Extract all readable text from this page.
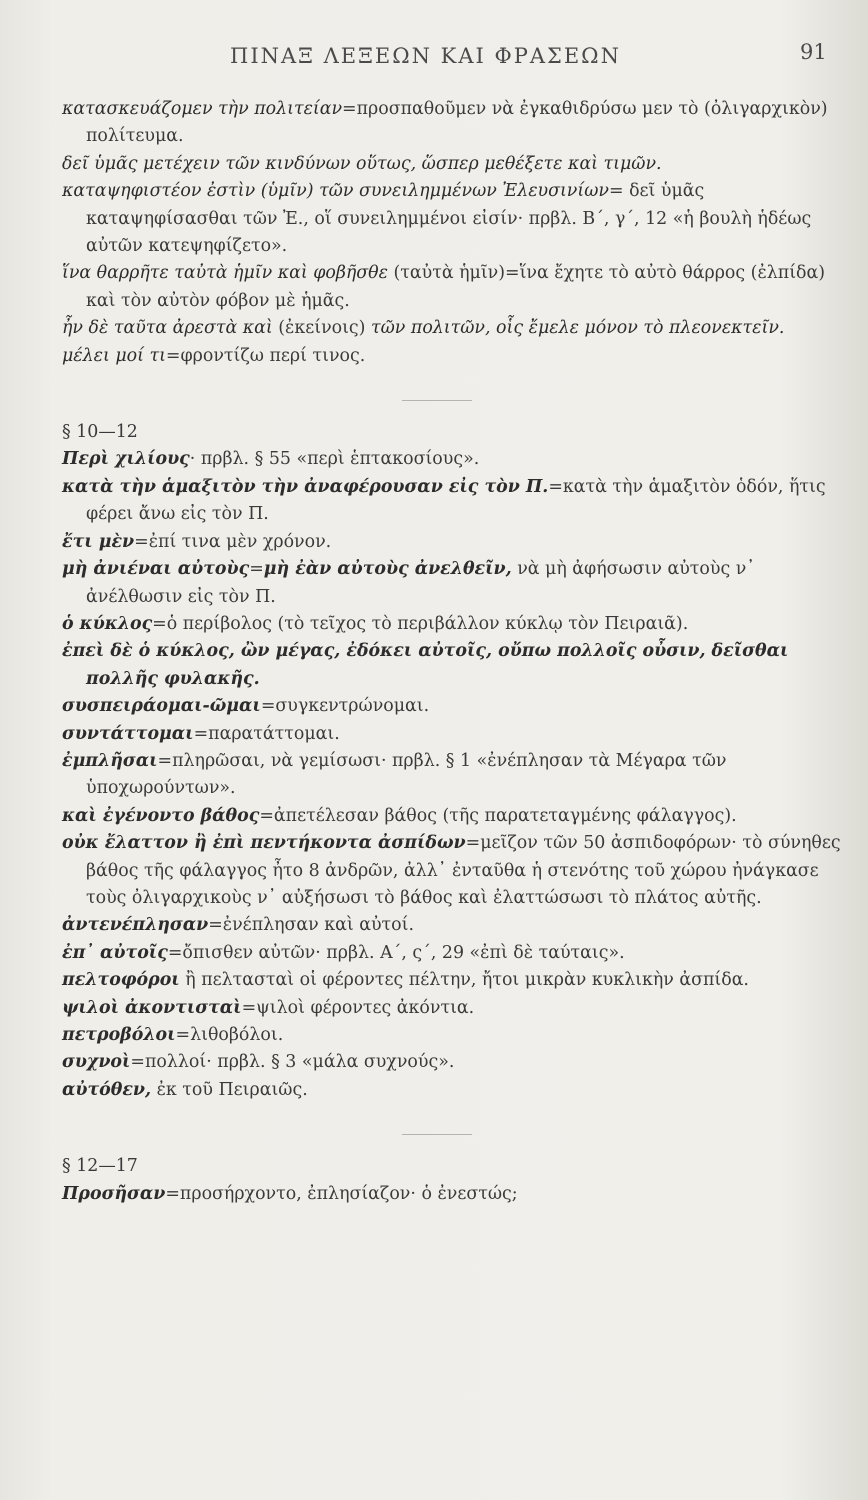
ΠΙΝΑΞ ΛΕΞΕΩΝ ΚΑΙ ΦΡΑΣΕΩΝ	91

κατασκευάζομεν τὴν πολιτείαν=προσπαθοῦμεν νὰ ἐγκαθιδρύσω μεν τὸ (ὀλιγαρχικὸν) πολίτευμα.

δεῖ ὑμᾶς μετέχειν τῶν κινδύνων οὕτως, ὥσπερ μεθέξετε καὶ τιμῶν.

καταψηφιστέον ἐστὶν (ὑμῖν) τῶν συνειλημμένων Ἐλευσινίων= δεῖ ὑμᾶς καταψηφίσασθαι τῶν Ἐ., οἵ συνειλημμένοι εἰσίν· πρβλ. Β΄, γ΄, 12 «ἡ βουλὴ ἡδέως αὐτῶν κατεψηφίζετο».

ἵνα θαρρῆτε ταὐτὰ ἡμῖν καὶ φοβῆσθε (ταὐτὰ ἡμῖν)=ἵνα ἔχητε τὸ αὐτὸ θάρρος (ἐλπίδα) καὶ τὸν αὐτὸν φόβον μὲ ἡμᾶς.

ἦν δὲ ταῦτα ἀρεστὰ καὶ (ἐκείνοις) τῶν πολιτῶν, οἷς ἔμελε μόνον τὸ πλεονεκτεῖν.

μέλει μοί τι=φροντίζω περί τινος.

§ 10—12

Περὶ χιλίους· πρβλ. § 55 «περὶ ἑπτακοσίους».

κατὰ τὴν ἁμαξιτὸν τὴν ἀναφέρουσαν εἰς τὸν Π.=κατὰ τὴν ἁμαξιτὸν ὁδόν, ἥτις φέρει ἄνω εἰς τὸν Π.

ἔτι μὲν=ἐπί τινα μὲν χρόνον.

μὴ ἀνιέναι αὐτοὺς=μὴ ἐὰν αὐτοὺς ἀνελθεῖν, νὰ μὴ ἀφήσωσιν αὐτοὺς ν᾽ ἀνέλθωσιν εἰς τὸν Π.

ὁ κύκλος=ὁ περίβολος (τὸ τεῖχος τὸ περιβάλλον κύκλῳ τὸν Πειραιᾶ).

ἐπεὶ δὲ ὁ κύκλος, ὢν μέγας, ἐδόκει αὐτοῖς, οὔπω πολλοῖς οὖσιν, δεῖσθαι πολλῆς φυλακῆς.

συσπειράομαι-ῶμαι=συγκεντρώνομαι.

συντάττομαι=παρατάττομαι.

ἐμπλῆσαι=πληρῶσαι, νὰ γεμίσωσι· πρβλ. § 1 «ἐνέπλησαν τὰ Μέγαρα τῶν ὑποχωρούντων».

καὶ ἐγένοντο βάθος=ἀπετέλεσαν βάθος (τῆς παρατεταγμένης φάλαγγος).

οὐκ ἔλαττον ἢ ἐπὶ πεντήκοντα ἀσπίδων=μεῖζον τῶν 50 ἀσπιδοφόρων· τὸ σύνηθες βάθος τῆς φάλαγγος ἦτο 8 ἀνδρῶν, ἀλλ᾽ ἐνταῦθα ἡ στενότης τοῦ χώρου ἠνάγκασε τοὺς ὀλιγαρχικοὺς ν᾽ αὐξήσωσι τὸ βάθος καὶ ἐλαττώσωσι τὸ πλάτος αὐτῆς.

ἀντενέπλησαν=ἐνέπλησαν καὶ αὐτοί.

ἐπ᾽ αὐτοῖς=ὄπισθεν αὐτῶν· πρβλ. Α΄, ς΄, 29 «ἐπὶ δὲ ταύταις».

πελτοφόροι ἢ πελτασταὶ οἱ φέροντες πέλτην, ἤτοι μικρὰν κυκλικὴν ἀσπίδα.

ψιλοὶ ἀκοντισταὶ=ψιλοὶ φέροντες ἀκόντια.

πετροβόλοι=λιθοβόλοι.

συχνοὶ=πολλοί· πρβλ. § 3 «μάλα συχνούς».

αὐτόθεν, ἐκ τοῦ Πειραιῶς.

§ 12—17

Προσῆσαν=προσήρχοντο, ἐπλησίαζον· ὁ ἐνεστώς;
